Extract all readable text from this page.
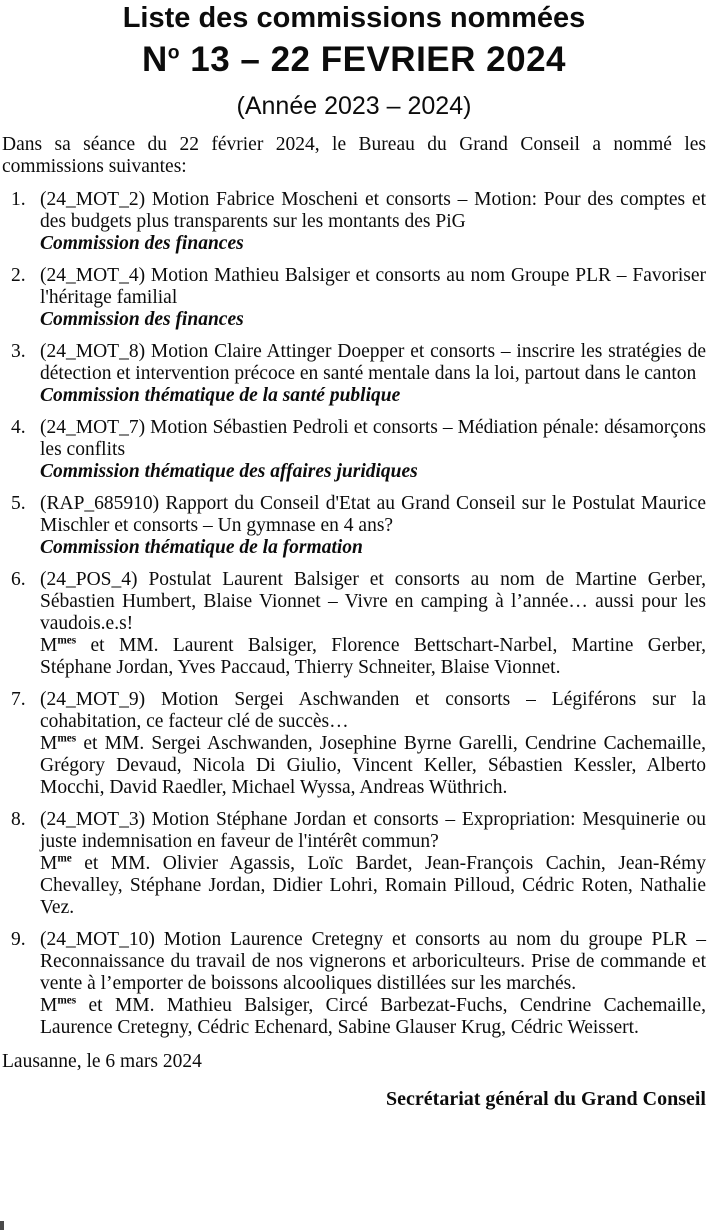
Liste des commissions nommées
$N^o$ 13 – 22 FEVRIER 2024
(Année 2023 – 2024)

Dans sa séance du 22 février 2024, le Bureau du Grand Conseil a nommé les commissions suivantes:

1. (24_MOT_2) Motion Fabrice Moscheni et consorts – Motion: Pour des comptes et des budgets plus transparents sur les montants des PiG

Commission des finances

2. (24_MOT_4) Motion Mathieu Balsiger et consorts au nom Groupe PLR – Favoriser l'héritage familial

Commission des finances

3. (24_MOT_8) Motion Claire Attinger Doepper et consorts – inscrire les stratégies de détection et intervention précoce en santé mentale dans la loi, partout dans le canton

Commission thématique de la santé publique

4. (24_MOT_7) Motion Sébastien Pedroli et consorts – Médiation pénale: désamorçons les conflits

Commission thématique des affaires juridiques

5. (RAP_685910) Rapport du Conseil d'Etat au Grand Conseil sur le Postulat Maurice Mischler et consorts – Un gymnase en 4 ans?

Commission thématique de la formation

6. (24_POS_4) Postulat Laurent Balsiger et consorts au nom de Martine Gerber, Sébastien Humbert, Blaise Vionnet – Vivre en camping à l’année… aussi pour les vaudois.e.s!

$M^{mes}$ et MM. Laurent Balsiger, Florence Bettschart-Narbel, Martine Gerber, Stéphane Jordan, Yves Paccaud, Thierry Schneiter, Blaise Vionnet.

7. (24_MOT_9) Motion Sergei Aschwanden et consorts – Légiférons sur la cohabitation, ce facteur clé de succès…

$M^{mes}$ et MM. Sergei Aschwanden, Josephine Byrne Garelli, Cendrine Cachemaille, Grégory Devaud, Nicola Di Giulio, Vincent Keller, Sébastien Kessler, Alberto Mocchi, David Raedler, Michael Wyssa, Andreas Wüthrich.

8. (24_MOT_3) Motion Stéphane Jordan et consorts – Expropriation: Mesquinerie ou juste indemnisation en faveur de l'intérêt commun?

$M^{me}$ et MM. Olivier Agassis, Loïc Bardet, Jean-François Cachin, Jean-Rémy Chevalley, Stéphane Jordan, Didier Lohri, Romain Pilloud, Cédric Roten, Nathalie Vez.

9. (24_MOT_10) Motion Laurence Cretegny et consorts au nom du groupe PLR – Reconnaissance du travail de nos vignerons et arboriculteurs. Prise de commande et vente à l’emporter de boissons alcooliques distillées sur les marchés.

$M^{mes}$ et MM. Mathieu Balsiger, Circé Barbezat-Fuchs, Cendrine Cachemaille, Laurence Cretegny, Cédric Echenard, Sabine Glauser Krug, Cédric Weissert.

Lausanne, le 6 mars 2024

Secrétariat général du Grand Conseil
